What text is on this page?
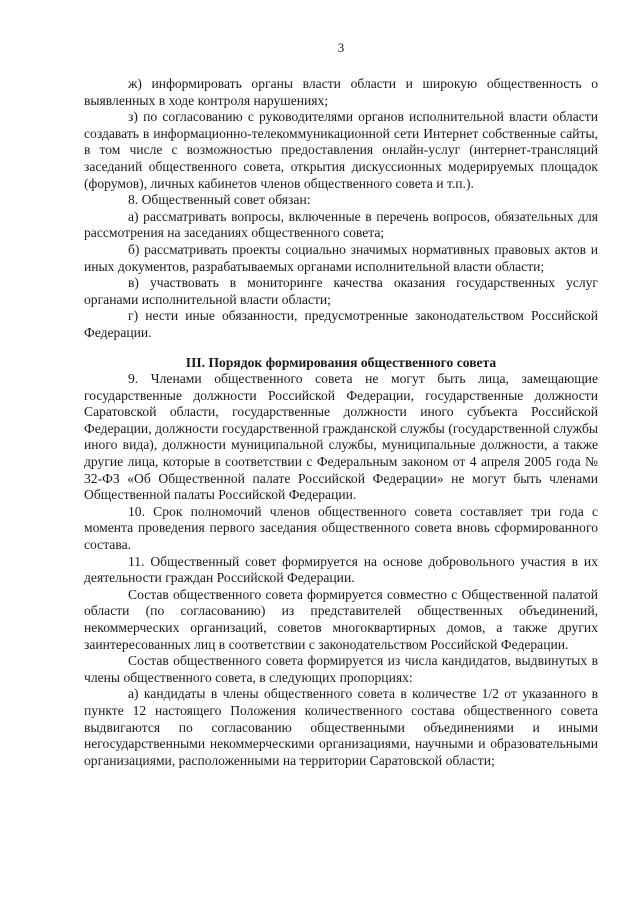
3

ж) информировать органы власти области и широкую общественность о выявленных в ходе контроля нарушениях;

з) по согласованию с руководителями органов исполнительной власти области создавать в информационно-телекоммуникационной сети Интернет собственные сайты, в том числе с возможностью предоставления онлайн-услуг (интернет-трансляций заседаний общественного совета, открытия дискуссионных модерируемых площадок (форумов), личных кабинетов членов общественного совета и т.п.).

8. Общественный совет обязан:

а) рассматривать вопросы, включенные в перечень вопросов, обязательных для рассмотрения на заседаниях общественного совета;

б) рассматривать проекты социально значимых нормативных правовых актов и иных документов, разрабатываемых органами исполнительной власти области;

в) участвовать в мониторинге качества оказания государственных услуг органами исполнительной власти области;

г) нести иные обязанности, предусмотренные законодательством Российской Федерации.

III. Порядок формирования общественного совета

9. Членами общественного совета не могут быть лица, замещающие государственные должности Российской Федерации, государственные должности Саратовской области, государственные должности иного субъекта Российской Федерации, должности государственной гражданской службы (государственной службы иного вида), должности муниципальной службы, муниципальные должности, а также другие лица, которые в соответствии с Федеральным законом от 4 апреля 2005 года № 32-ФЗ «Об Общественной палате Российской Федерации» не могут быть членами Общественной палаты Российской Федерации.

10. Срок полномочий членов общественного совета составляет три года с момента проведения первого заседания общественного совета вновь сформированного состава.

11. Общественный совет формируется на основе добровольного участия в их деятельности граждан Российской Федерации.

Состав общественного совета формируется совместно с Общественной палатой области (по согласованию) из представителей общественных объединений, некоммерческих организаций, советов многоквартирных домов, а также других заинтересованных лиц в соответствии с законодательством Российской Федерации.

Состав общественного совета формируется из числа кандидатов, выдвинутых в члены общественного совета, в следующих пропорциях:

а) кандидаты в члены общественного совета в количестве 1/2 от указанного в пункте 12 настоящего Положения количественного состава общественного совета выдвигаются по согласованию общественными объединениями и иными негосударственными некоммерческими организациями, научными и образовательными организациями, расположенными на территории Саратовской области;
